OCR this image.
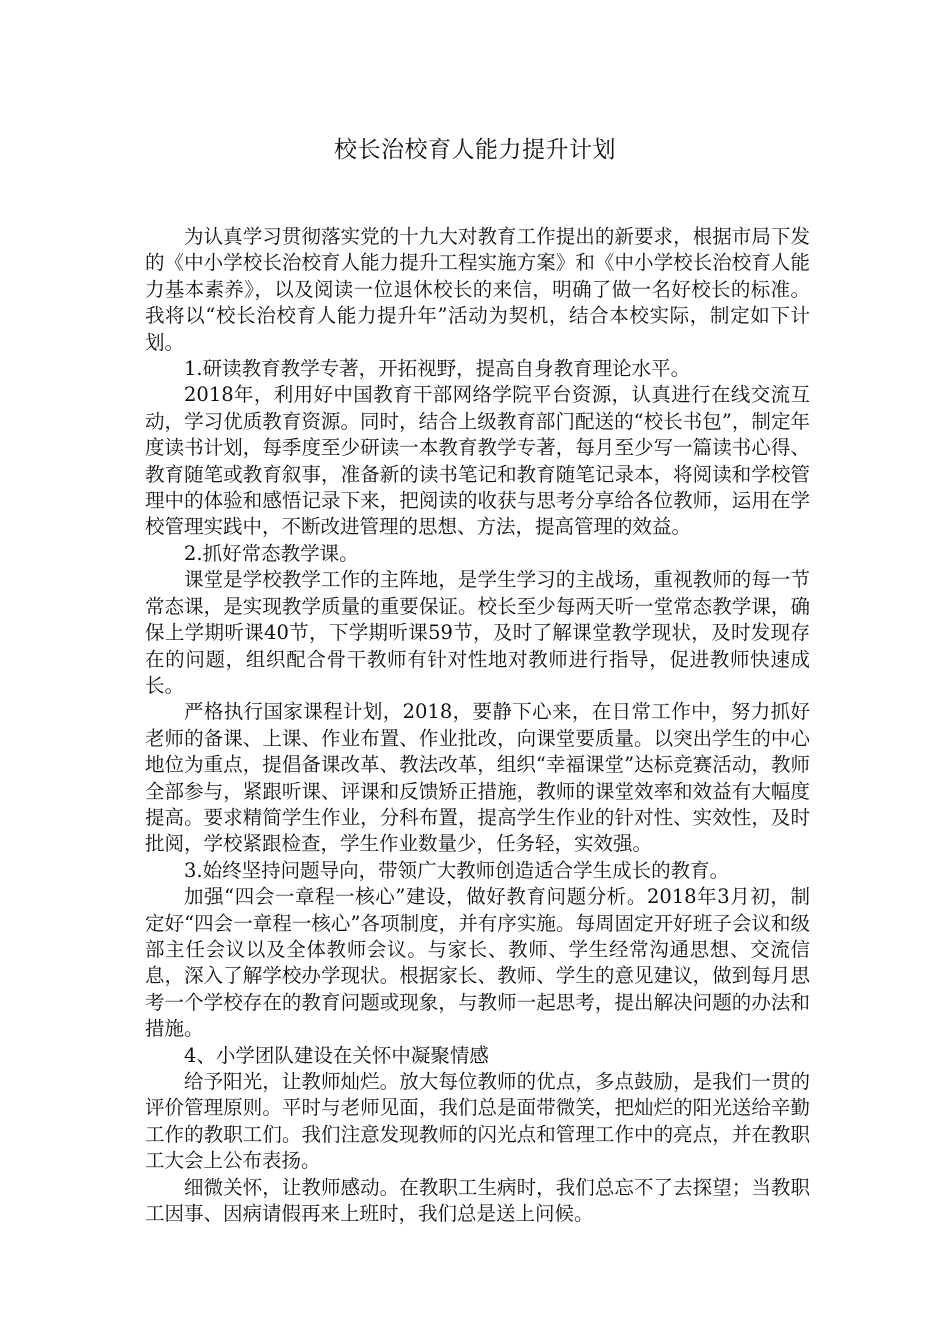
校长治校育人能力提升计划

为认真学习贯彻落实党的十九大对教育工作提出的新要求，根据市局下发的《中小学校长治校育人能力提升工程实施方案》和《中小学校长治校育人能力基本素养》，以及阅读一位退休校长的来信，明确了做一名好校长的标准。我将以“校长治校育人能力提升年”活动为契机，结合本校实际，制定如下计划。

1.研读教育教学专著，开拓视野，提高自身教育理论水平。

2018年，利用好中国教育干部网络学院平台资源，认真进行在线交流互动，学习优质教育资源。同时，结合上级教育部门配送的“校长书包”，制定年度读书计划，每季度至少研读一本教育教学专著，每月至少写一篇读书心得、教育随笔或教育叙事，准备新的读书笔记和教育随笔记录本，将阅读和学校管理中的体验和感悟记录下来，把阅读的收获与思考分享给各位教师，运用在学校管理实践中，不断改进管理的思想、方法，提高管理的效益。

2.抓好常态教学课。

课堂是学校教学工作的主阵地，是学生学习的主战场，重视教师的每一节常态课，是实现教学质量的重要保证。校长至少每两天听一堂常态教学课，确保上学期听课40节，下学期听课59节，及时了解课堂教学现状，及时发现存在的问题，组织配合骨干教师有针对性地对教师进行指导，促进教师快速成长。

严格执行国家课程计划，2018，要静下心来，在日常工作中，努力抓好老师的备课、上课、作业布置、作业批改，向课堂要质量。以突出学生的中心地位为重点，提倡备课改革、教法改革，组织“幸福课堂”达标竞赛活动，教师全部参与，紧跟听课、评课和反馈矫正措施，教师的课堂效率和效益有大幅度提高。要求精简学生作业，分科布置，提高学生作业的针对性、实效性，及时批阅，学校紧跟检查，学生作业数量少，任务轻，实效强。

3.始终坚持问题导向，带领广大教师创造适合学生成长的教育。

加强“四会一章程一核心”建设，做好教育问题分析。2018年3月初，制定好“四会一章程一核心”各项制度，并有序实施。每周固定开好班子会议和级部主任会议以及全体教师会议。与家长、教师、学生经常沟通思想、交流信息，深入了解学校办学现状。根据家长、教师、学生的意见建议，做到每月思考一个学校存在的教育问题或现象，与教师一起思考，提出解决问题的办法和措施。

4、小学团队建设在关怀中凝聚情感

给予阳光，让教师灿烂。放大每位教师的优点，多点鼓励，是我们一贯的评价管理原则。平时与老师见面，我们总是面带微笑，把灿烂的阳光送给辛勤工作的教职工们。我们注意发现教师的闪光点和管理工作中的亮点，并在教职工大会上公布表扬。

细微关怀，让教师感动。在教职工生病时，我们总忘不了去探望；当教职工因事、因病请假再来上班时，我们总是送上问候。
